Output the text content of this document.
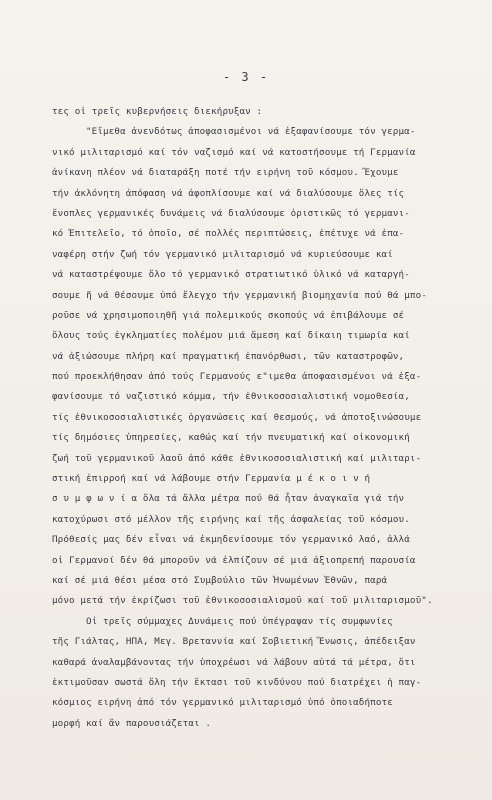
- 3 -
τες οἱ τρεῖς κυβερνήσεις διεκήρυξαν :
"Εἴμεθα ἀνενδότως ἀποφασισμένοι νά ἐξαφανίσουμε τόν γερμα-
νικό μιλιταρισμό καί τόν ναζισμό καί νά κατοστήσουμε τή Γερμανία
ἀνίκανη πλέον νά διαταράξη ποτέ τήν ειρήνη τοῦ κόσμου. Ἔχουμε
τήν ἀκλόνητη ἀπόφαση νά ἀφοπλίσουμε καί νά διαλύσουμε ὅλες τίς
ἔνοπλες γερμανικές δυνάμεις νά διαλύσουμε ὁριστικῶς τό γερμανι-
κό Ἐπιτελεῖο, τό ὁποῖο, σέ πολλές περιπτώσεις, ἐπέτυχε νά ἐπα-
ναφέρη στήν ζωή τόν γερμανικό μιλιταρισμό νά κυριεύσουμε καί
νά καταστρέψουμε ὅλο τό γερμανικό στρατιωτικό ὑλικό νά καταργή-
σουμε ἤ νά θέσουμε ὑπό ἔλεγχο τήν γερμανική βιομηχανία πού θά μπο-
ροῦσε νά χρησιμοποιηθῆ γιά πολεμικούς σκοπούς νά ἐπιβάλουμε σέ
ὅλους τούς ἐγκληματίες πολέμου μιά ἄμεση καί δίκαιη τιμωρία καί
νά ἀξιώσουμε πλήρη καί πραγματική ἐπανόρθωσι, τῶν καταστροφῶν,
πού προεκλήθησαν ἀπό τούς Γερμανούς ε"ιμεθα ἀποφασισμένοι νά ἐξα-
φανίσουμε τό ναζιστικό κόμμα, τήν ἐθνικοσοσιαλιστική νομοθεσία,
τίς ἐθνικοσοσιαλιστικές ὀργανώσεις καί θεσμούς, νά ἀποτοξινώσουμε
τίς δημόσιες ὑπηρεσίες, καθώς καί τήν πνευματική καί οἰκονομική
ζωή τοῦ γερμανικοῦ λαοῦ ἀπό κάθε ἐθνικοσοσιαλιστική καί μιλιταρι-
στική ἐπιρροή καί νά λάβουμε στήν Γερμανία μ έ κ ο ι ν ή
σ υ μ φ ω ν ί α ὅλα τά ἄλλα μέτρα πού θά ἦταν ἀναγκαῖα γιά τήν
κατοχύρωσι στό μέλλον τῆς ειρήνης καί τῆς ἀσφαλείας τοῦ κόσμου.
Πρόθεσίς μας δέν εἶναι νά ἐκμηδενίσουμε τόν γερμανικό λαό, ἀλλά
οἱ Γερμανοί δέν θά μποροῦν νά ἐλπίζουν σέ μιά ἀξιοπρεπή παρουσία
καί σέ μιά θέσι μέσα στό Συμβούλιο τῶν Ἡνωμένων Ἐθνῶν, παρά
μόνο μετά τήν ἐκρίζωσι τοῦ ἐθνικοσοσιαλισμοῦ καί τοῦ μιλιταρισμοῦ".
Οἱ τρεῖς σύμμαχες Δυνάμεις πού ὑπέγραψαν τίς συμφωνίες
τῆς Γιάλτας, ΗΠΑ, Μεγ. Βρεταννία καί Σοβιετική Ἕνωσις, ἀπέδειξαν
καθαρά ἀναλαμβάνοντας τήν ὑποχρέωσι νά λάβουν αὐτά τά μέτρα, ὅτι
ἐκτιμοῦσαν σωστά ὅλη τήν ἔκτασι τοῦ κινδύνου πού διατρέχει ἡ παγ-
κόσμιος ειρήνη ἀπό τόν γερμανικό μιλιταρισμό ὑπό ὁποιαδήποτε
μορφή καί ἄν παρουσιάζεται .
